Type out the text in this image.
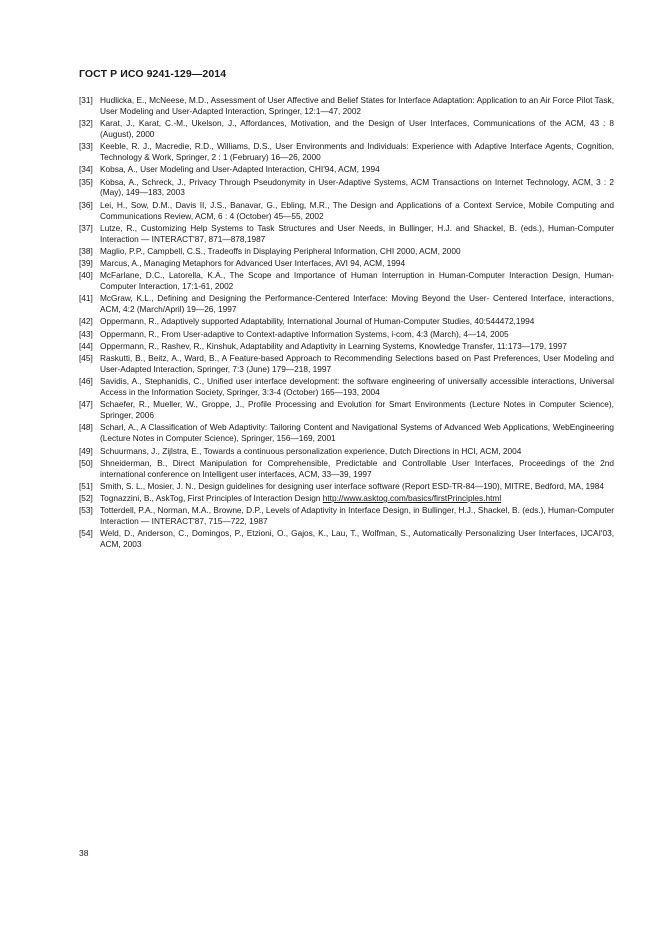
ГОСТ Р ИСО 9241-129—2014
[31] Hudlicka, E., McNeese, M.D., Assessment of User Affective and Belief States for Interface Adaptation: Application to an Air Force Pilot Task, User Modeling and User-Adapted Interaction, Springer, 12:1—47, 2002
[32] Karat, J., Karat, C.-M., Ukelson, J., Affordances, Motivation, and the Design of User Interfaces, Communications of the ACM, 43 : 8 (August), 2000
[33] Keeble, R. J., Macredie, R.D., Williams, D.S., User Environments and Individuals: Experience with Adaptive Interface Agents, Cognition, Technology & Work, Springer, 2 : 1 (February) 16—26, 2000
[34] Kobsa, A., User Modeling and User-Adapted Interaction, CHI'94, ACM, 1994
[35] Kobsa, A., Schreck, J., Privacy Through Pseudonymity in User-Adaptive Systems, ACM Transactions on Internet Technology, ACM, 3 : 2 (May), 149—183, 2003
[36] Lei, H., Sow, D.M., Davis II, J.S., Banavar, G., Ebling, M.R., The Design and Applications of a Context Service, Mobile Computing and Communications Review, ACM, 6 : 4 (October) 45—55, 2002
[37] Lutze, R., Customizing Help Systems to Task Structures and User Needs, in Bullinger, H.J. and Shackel, B. (eds.), Human-Computer Interaction — INTERACT'87, 871—878,1987
[38] Maglio, P.P., Campbell, C.S., Tradeoffs in Displaying Peripheral Information, CHI 2000, ACM, 2000
[39] Marcus, A., Managing Metaphors for Advanced User Interfaces, AVI 94, ACM, 1994
[40] McFarlane, D.C., Latorella, K.A., The Scope and Importance of Human Interruption in Human-Computer Interaction Design, Human-Computer Interaction, 17:1-61, 2002
[41] McGraw, K.L., Defining and Designing the Performance-Centered Interface: Moving Beyond the User- Centered Interface, interactions, ACM, 4:2 (March/April) 19—26, 1997
[42] Oppermann, R., Adaptively supported Adaptability, International Journal of Human-Computer Studies, 40:544472,1994
[43] Oppermann, R., From User-adaptive to Context-adaptive Information Systems, i-com, 4:3 (March), 4—14, 2005
[44] Oppermann, R., Rashev, R., Kinshuk, Adaptability and Adaptivity in Learning Systems, Knowledge Transfer, 11:173—179, 1997
[45] Raskutti, B., Beitz, A., Ward, B., A Feature-based Approach to Recommending Selections based on Past Preferences, User Modeling and User-Adapted Interaction, Springer, 7:3 (June) 179—218, 1997
[46] Savidis, A., Stephanidis, C., Unified user interface development: the software engineering of universally accessible interactions, Universal Access in the Information Society, Springer, 3:3-4 (October) 165—193, 2004
[47] Schaefer, R., Mueller, W., Groppe, J., Profile Processing and Evolution for Smart Environments (Lecture Notes in Computer Science), Springer, 2006
[48] Scharl, A., A Classification of Web Adaptivity: Tailoring Content and Navigational Systems of Advanced Web Applications, WebEngineering (Lecture Notes in Computer Science), Springer, 156—169, 2001
[49] Schuurmans, J., Zijlstra, E., Towards a continuous personalization experience, Dutch Directions in HCI, ACM, 2004
[50] Shneiderman, B., Direct Manipulation for Comprehensible, Predictable and Controllable User Interfaces, Proceedings of the 2nd international conference on Intelligent user interfaces, ACM, 33—39, 1997
[51] Smith, S. L., Mosier, J. N., Design guidelines for designing user interface software (Report ESD-TR-84—190), MITRE, Bedford, MA, 1984
[52] Tognazzini, B., AskTog, First Principles of Interaction Design http://www.asktog.com/basics/firstPrinciples.html
[53] Totterdell, P.A., Norman, M.A., Browne, D.P., Levels of Adaptivity in Interface Design, in Bullinger, H.J., Shackel, B. (eds.), Human-Computer Interaction — INTERACT'87, 715—722, 1987
[54] Weld, D., Anderson, C., Domingos, P., Etzioni, O., Gajos, K., Lau, T., Wolfman, S., Automatically Personalizing User Interfaces, IJCAI'03, ACM, 2003
38
